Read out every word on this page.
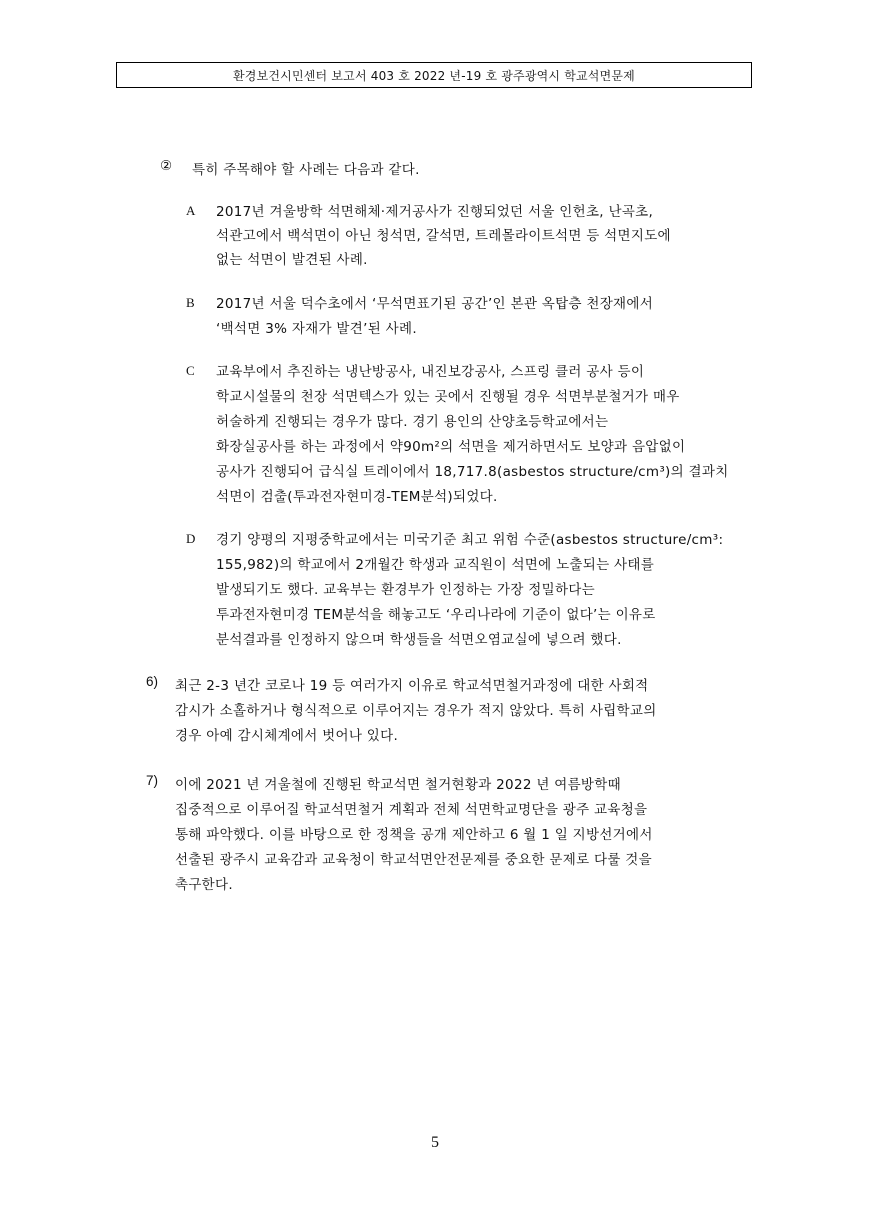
환경보건시민센터 보고서 403 호 2022 년-19 호 광주광역시 학교석면문제
② 특히 주목해야 할 사례는 다음과 같다.
A 2017년 겨울방학 석면해체·제거공사가 진행되었던 서울 인헌초, 난곡초,
석관고에서 백석면이 아닌 청석면, 갈석면, 트레몰라이트석면 등 석면지도에
없는 석면이 발견된 사례.
B 2017년 서울 덕수초에서 ‘무석면표기된 공간’인 본관 옥탑층 천장재에서
‘백석면 3% 자재가 발견’된 사례.
C 교육부에서 추진하는 냉난방공사, 내진보강공사, 스프링 클러 공사 등이
학교시설물의 천장 석면텍스가 있는 곳에서 진행될 경우 석면부분철거가 매우
허술하게 진행되는 경우가 많다. 경기 용인의 산양초등학교에서는
화장실공사를 하는 과정에서 약90m²의 석면을 제거하면서도 보양과 음압없이
공사가 진행되어 급식실 트레이에서 18,717.8(asbestos structure/cm³)의 결과치
석면이 검출(투과전자현미경-TEM분석)되었다.
D 경기 양평의 지평중학교에서는 미국기준 최고 위험 수준(asbestos structure/cm³:
155,982)의 학교에서 2개월간 학생과 교직원이 석면에 노출되는 사태를
발생되기도 했다. 교육부는 환경부가 인정하는 가장 정밀하다는
투과전자현미경 TEM분석을 해놓고도 ‘우리나라에 기준이 없다’는 이유로
분석결과를 인정하지 않으며 학생들을 석면오염교실에 넣으려 했다.
6) 최근 2-3 년간 코로나 19 등 여러가지 이유로 학교석면철거과정에 대한 사회적
감시가 소홀하거나 형식적으로 이루어지는 경우가 적지 않았다. 특히 사립학교의
경우 아예 감시체계에서 벗어나 있다.
7) 이에 2021 년 겨울철에 진행된 학교석면 철거현황과 2022 년 여름방학때
집중적으로 이루어질 학교석면철거 계획과 전체 석면학교명단을 광주 교육청을
통해 파악했다. 이를 바탕으로 한 정책을 공개 제안하고 6 월 1 일 지방선거에서
선출된 광주시 교육감과 교육청이 학교석면안전문제를 중요한 문제로 다룰 것을
촉구한다.
5
